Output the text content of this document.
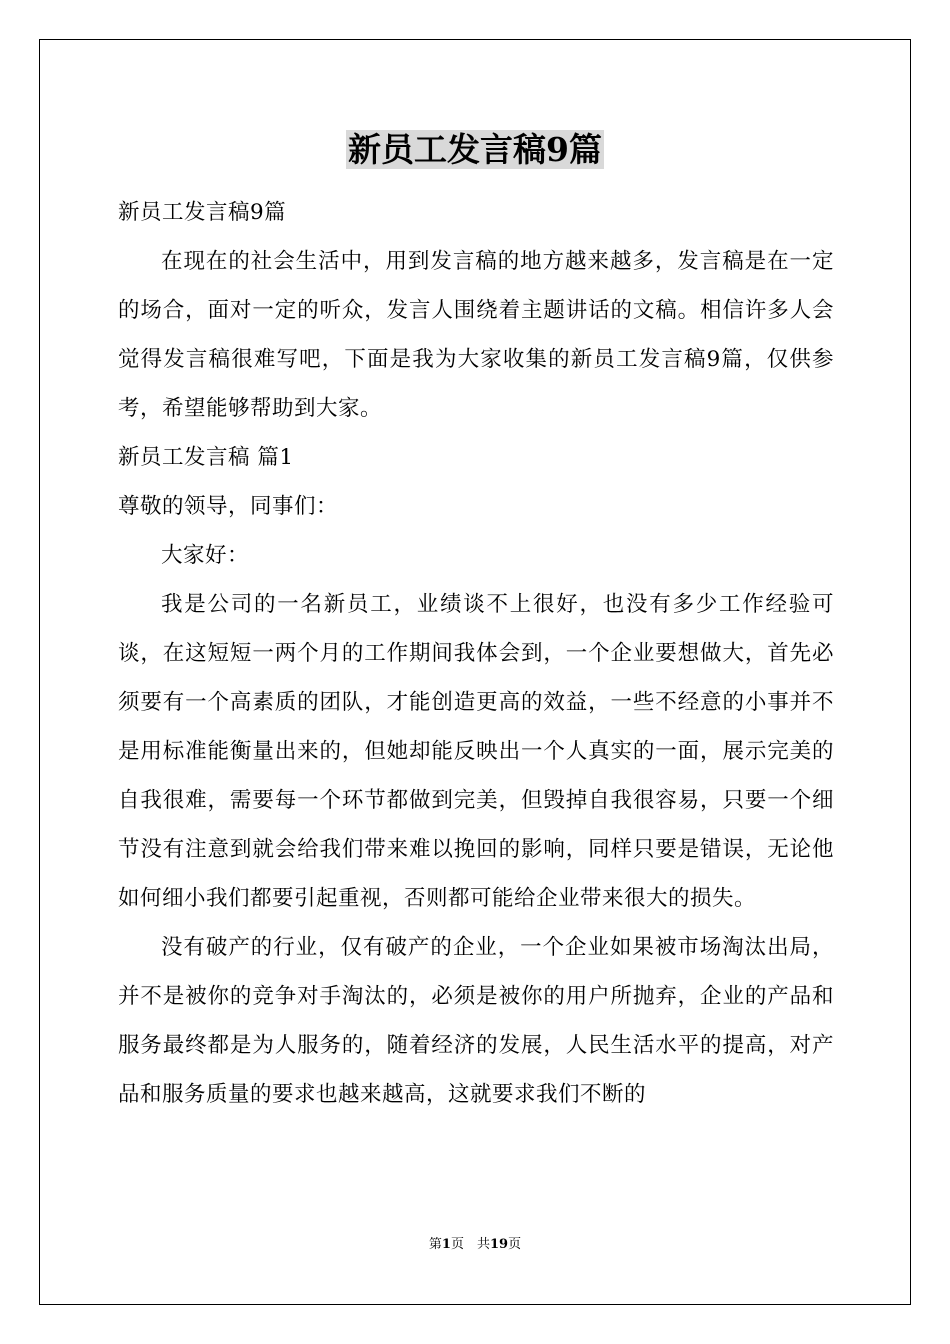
新员工发言稿9篇

新员工发言稿9篇

在现在的社会生活中，用到发言稿的地方越来越多，发言稿是在一定的场合，面对一定的听众，发言人围绕着主题讲话的文稿。相信许多人会觉得发言稿很难写吧，下面是我为大家收集的新员工发言稿9篇，仅供参考，希望能够帮助到大家。

新员工发言稿 篇1

尊敬的领导，同事们：

大家好：

我是公司的一名新员工，业绩谈不上很好，也没有多少工作经验可谈，在这短短一两个月的工作期间我体会到，一个企业要想做大，首先必须要有一个高素质的团队，才能创造更高的效益，一些不经意的小事并不是用标准能衡量出来的，但她却能反映出一个人真实的一面，展示完美的自我很难，需要每一个环节都做到完美，但毁掉自我很容易，只要一个细节没有注意到就会给我们带来难以挽回的影响，同样只要是错误，无论他如何细小我们都要引起重视，否则都可能给企业带来很大的损失。

没有破产的行业，仅有破产的企业，一个企业如果被市场淘汰出局，并不是被你的竞争对手淘汰的，必须是被你的用户所抛弃，企业的产品和服务最终都是为人服务的，随着经济的发展，人民生活水平的提高，对产品和服务质量的要求也越来越高，这就要求我们不断的

第1页　共19页
